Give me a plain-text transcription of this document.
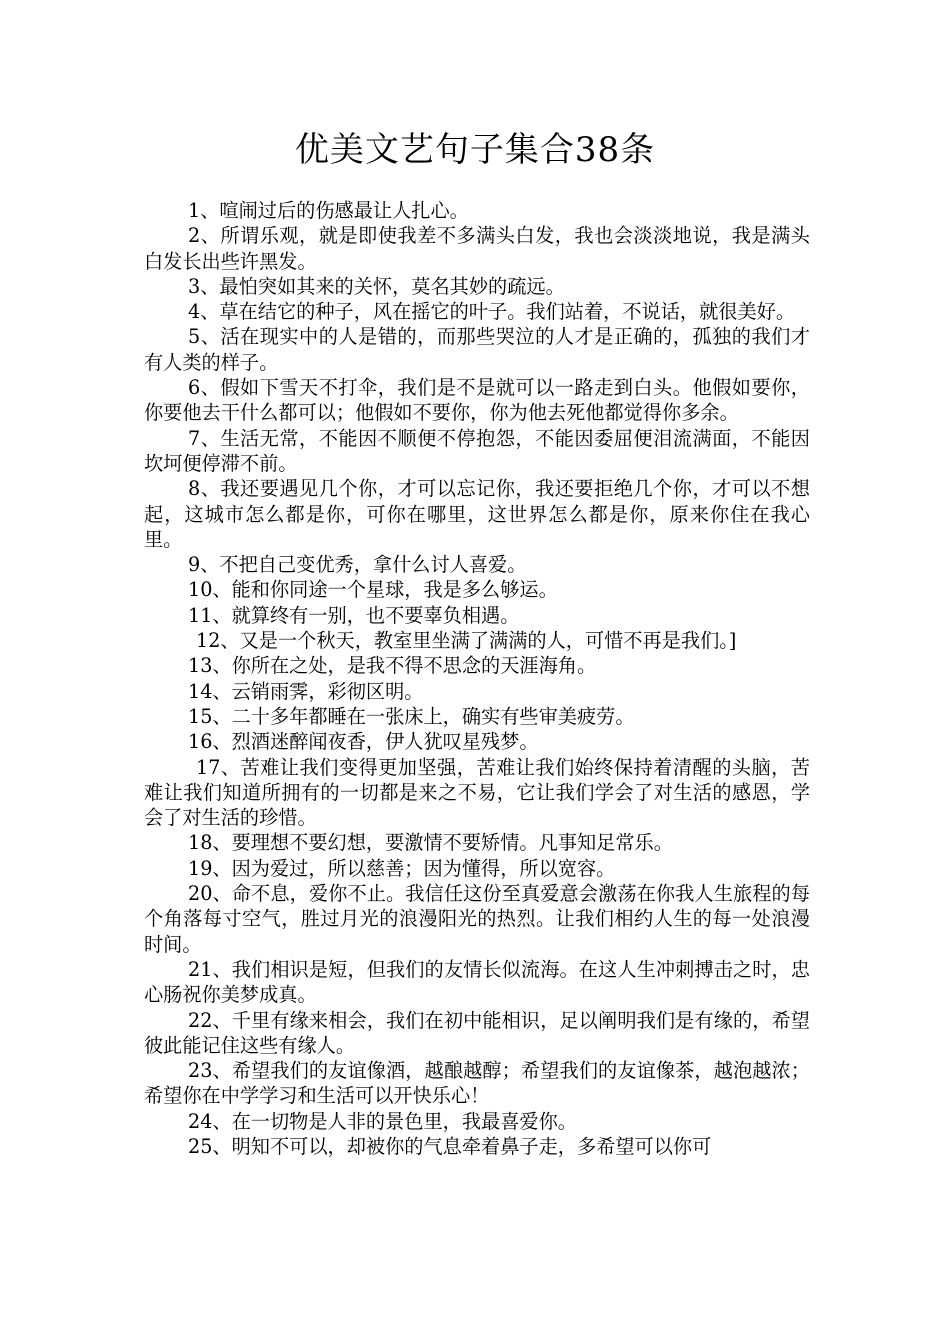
优美文艺句子集合38条

1、喧闹过后的伤感最让人扎心。

2、所谓乐观，就是即使我差不多满头白发，我也会淡淡地说，我是满头白发长出些许黑发。

3、最怕突如其来的关怀，莫名其妙的疏远。

4、草在结它的种子，风在摇它的叶子。我们站着，不说话，就很美好。

5、活在现实中的人是错的，而那些哭泣的人才是正确的，孤独的我们才有人类的样子。

6、假如下雪天不打伞，我们是不是就可以一路走到白头。他假如要你，你要他去干什么都可以；他假如不要你，你为他去死他都觉得你多余。

7、生活无常，不能因不顺便不停抱怨，不能因委屈便泪流满面，不能因坎坷便停滞不前。

8、我还要遇见几个你，才可以忘记你，我还要拒绝几个你，才可以不想起，这城市怎么都是你，可你在哪里，这世界怎么都是你，原来你住在我心里。

9、不把自己变优秀，拿什么讨人喜爱。

10、能和你同途一个星球，我是多么够运。

11、就算终有一别，也不要辜负相遇。

12、又是一个秋天，教室里坐满了满满的人，可惜不再是我们。]

13、你所在之处，是我不得不思念的天涯海角。

14、云销雨霁，彩彻区明。

15、二十多年都睡在一张床上，确实有些审美疲劳。

16、烈酒迷醉闻夜香，伊人犹叹星残梦。

17、苦难让我们变得更加坚强，苦难让我们始终保持着清醒的头脑，苦难让我们知道所拥有的一切都是来之不易，它让我们学会了对生活的感恩，学会了对生活的珍惜。

18、要理想不要幻想，要激情不要矫情。凡事知足常乐。

19、因为爱过，所以慈善；因为懂得，所以宽容。

20、命不息，爱你不止。我信任这份至真爱意会激荡在你我人生旅程的每个角落每寸空气，胜过月光的浪漫阳光的热烈。让我们相约人生的每一处浪漫时间。

21、我们相识是短，但我们的友情长似流海。在这人生冲刺搏击之时，忠心肠祝你美梦成真。

22、千里有缘来相会，我们在初中能相识，足以阐明我们是有缘的，希望彼此能记住这些有缘人。

23、希望我们的友谊像酒，越酿越醇；希望我们的友谊像茶，越泡越浓；希望你在中学学习和生活可以开快乐心！

24、在一切物是人非的景色里，我最喜爱你。

25、明知不可以，却被你的气息牵着鼻子走，多希望可以你可
